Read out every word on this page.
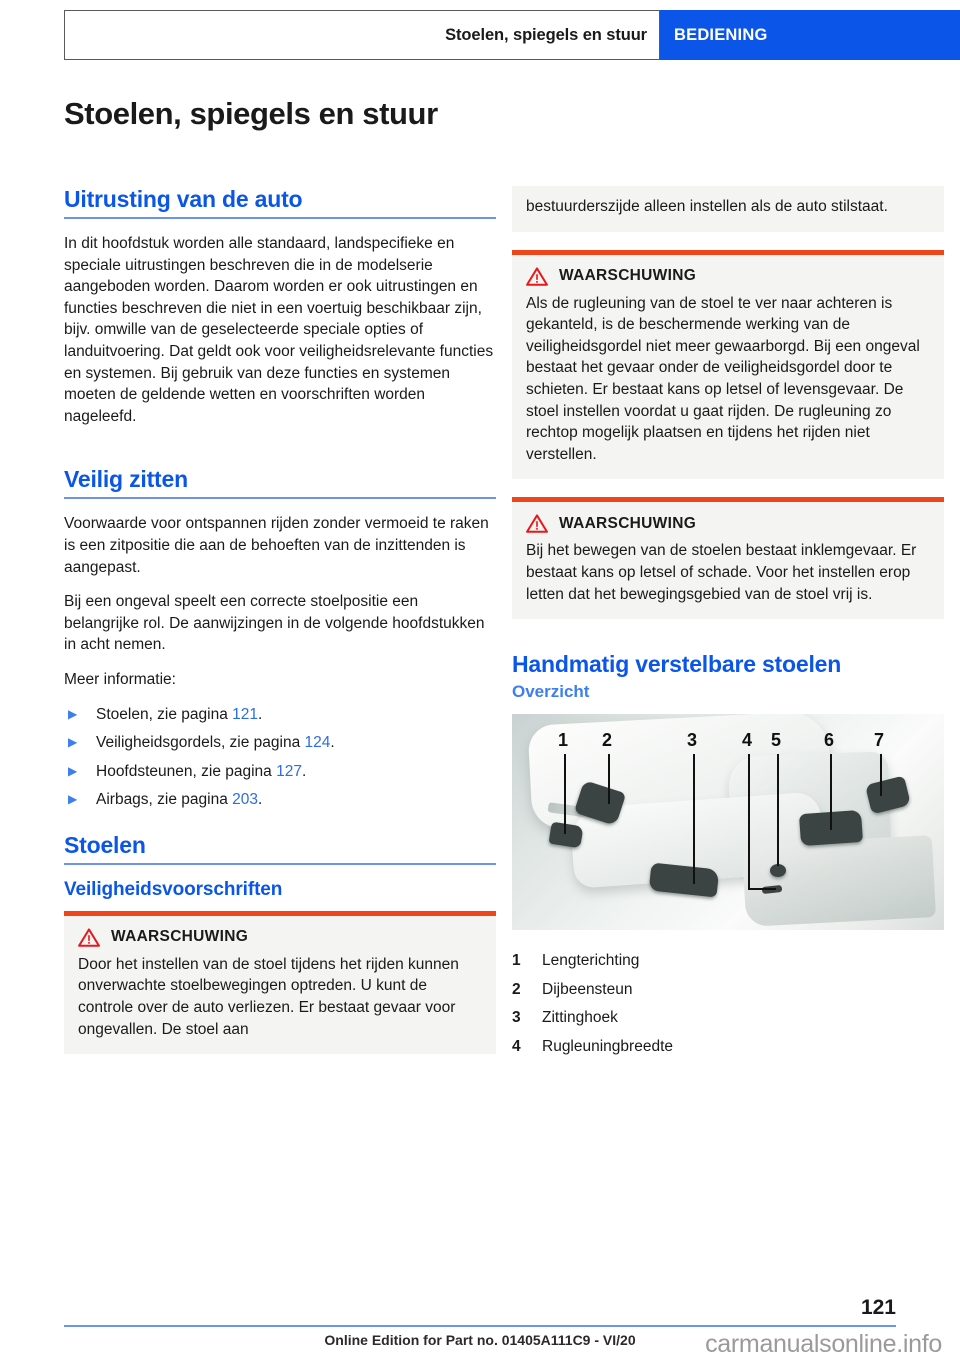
Stoelen, spiegels en stuur BEDIENING
Stoelen, spiegels en stuur
Uitrusting van de auto

In dit hoofdstuk worden alle standaard, landspecifieke en speciale uitrustingen beschreven die in de modelserie aangeboden worden. Daarom worden er ook uitrustingen en functies beschreven die niet in een voertuig beschikbaar zijn, bijv. omwille van de geselecteerde speciale opties of landuitvoering. Dat geldt ook voor veiligheidsrelevante functies en systemen. Bij gebruik van deze functies en systemen moeten de geldende wetten en voorschriften worden nageleefd.

Veilig zitten

Voorwaarde voor ontspannen rijden zonder vermoeid te raken is een zitpositie die aan de behoeften van de inzittenden is aangepast.

Bij een ongeval speelt een correcte stoelpositie een belangrijke rol. De aanwijzingen in de volgende hoofdstukken in acht nemen.

Meer informatie:

▶	Stoelen, zie pagina 121.
▶	Veiligheidsgordels, zie pagina 124.
▶	Hoofdsteunen, zie pagina 127.
▶	Airbags, zie pagina 203.
Stoelen
Veiligheidsvoorschriften
WAARSCHUWING

Door het instellen van de stoel tijdens het rijden kunnen onverwachte stoelbewegingen optreden. U kunt de controle over de auto verliezen. Er bestaat gevaar voor ongevallen. De stoel aan

bestuurderszijde alleen instellen als de auto stilstaat.

WAARSCHUWING

Als de rugleuning van de stoel te ver naar achteren is gekanteld, is de beschermende werking van de veiligheidsgordel niet meer gewaarborgd. Bij een ongeval bestaat het gevaar onder de veiligheidsgordel door te schieten. Er bestaat kans op letsel of levensgevaar. De stoel instellen voordat u gaat rijden. De rugleuning zo rechtop mogelijk plaatsen en tijdens het rijden niet verstellen.

WAARSCHUWING

Bij het bewegen van de stoelen bestaat inklemgevaar. Er bestaat kans op letsel of schade. Voor het instellen erop letten dat het bewegingsgebied van de stoel vrij is.

Handmatig verstelbare stoelen
Overzicht
1 2	3 4 5 6 7
1	Lengterichting
2	Dijbeensteun
3	Zittinghoek
4	Rugleuningbreedte
121
Online Edition for Part no. 01405A111C9 - VI/20	carmanualsonline.info
